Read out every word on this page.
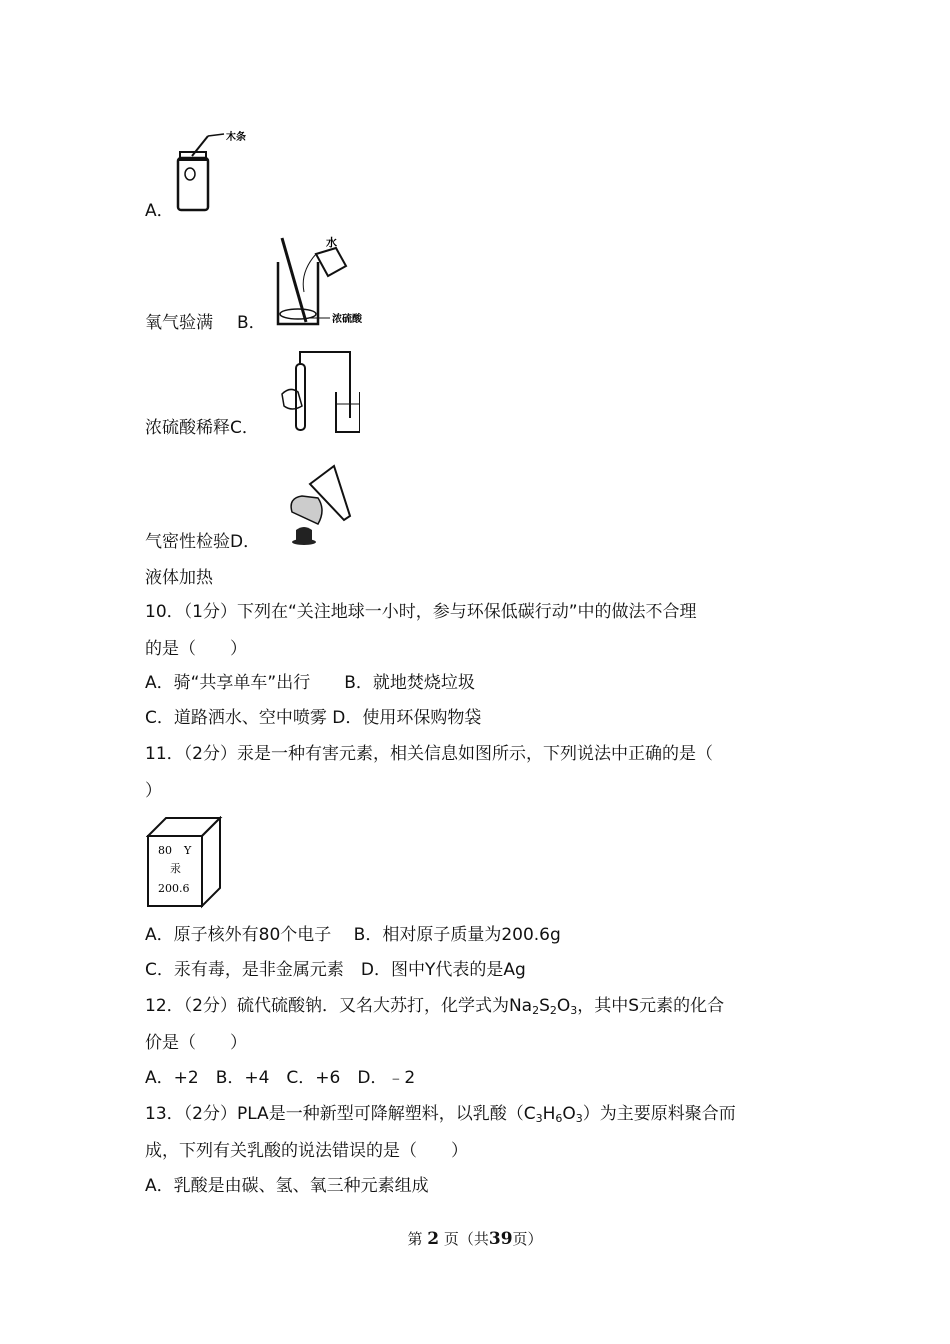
A．
木条
氧气验满 B．
水
浓硫酸
浓硫酸稀释C．
气密性检验D．
液体加热
10．（1分）下列在“关注地球一小时，参与环保低碳行动”中的做法不合理
的是（　　）
A．骑“共享单车”出行　　B．就地焚烧垃圾
C．道路洒水、空中喷雾 D．使用环保购物袋
11．（2分）汞是一种有害元素，相关信息如图所示，下列说法中正确的是（
）
80 Y
汞
200.6
A．原子核外有80个电子　 B．相对原子质量为200.6g
C．汞有毒，是非金属元素　D．图中Y代表的是Ag
12．（2分）硫代硫酸钠．又名大苏打，化学式为$Na_2S_2O_3$，其中S元素的化合
价是（　　）
A．+2　B．+4　C．+6　D．﹣2
13．（2分）PLA是一种新型可降解塑料，以乳酸$(C_3H_6O_3)$为主要原料聚合而
成，下列有关乳酸的说法错误的是（　　）
A．乳酸是由碳、氢、氧三种元素组成
第 2 页（共39页）
